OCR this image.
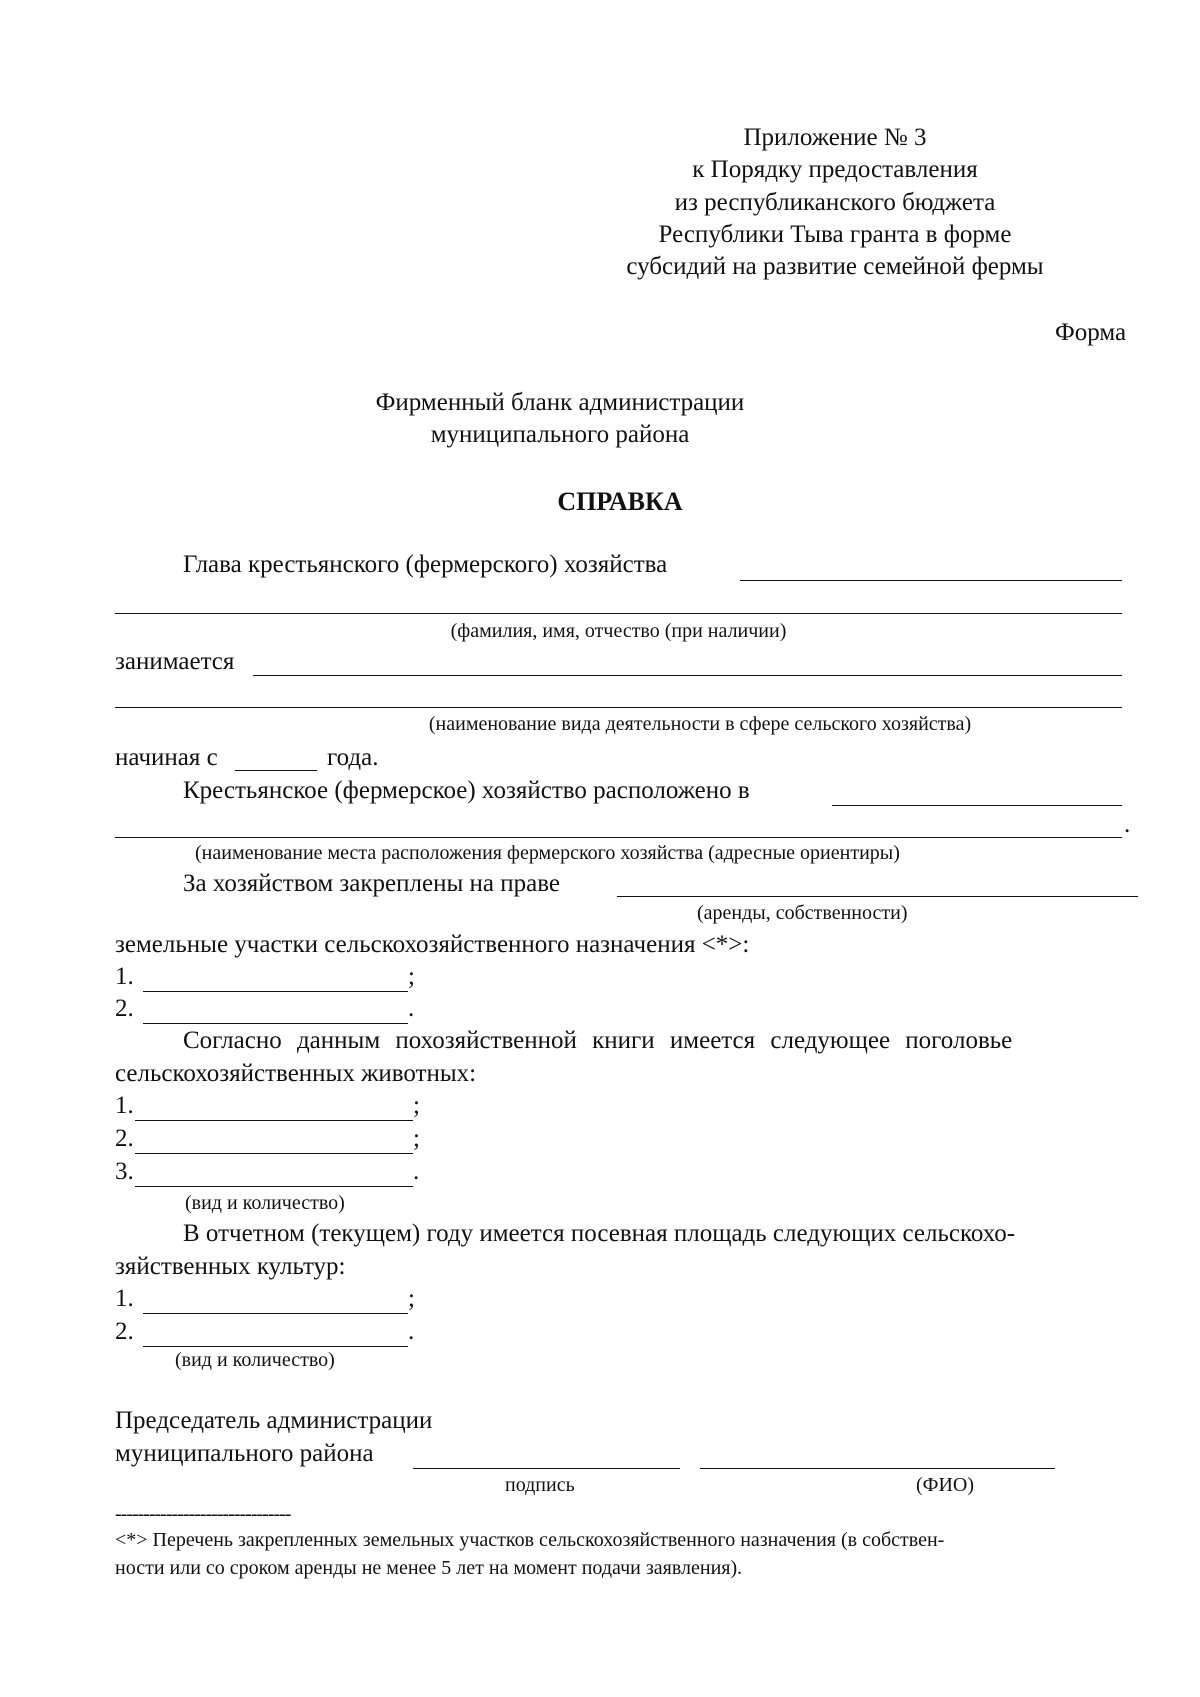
Приложение № 3
к Порядку предоставления
из республиканского бюджета
Республики Тыва гранта в форме
субсидий на развитие семейной фермы
Форма
Фирменный бланк администрации
муниципального района
СПРАВКА
Глава крестьянского (фермерского) хозяйства
(фамилия, имя, отчество (при наличии)
занимается
(наименование вида деятельности в сфере сельского хозяйства)
начиная с	года.
Крестьянское (фермерское) хозяйство расположено в
.
(наименование места расположения фермерского хозяйства (адресные ориентиры)
За хозяйством закреплены на праве
(аренды, собственности)
земельные участки сельскохозяйственного назначения <*>:
1.	;
2.	.
Согласно данным похозяйственной книги имеется следующее поголовье
сельскохозяйственных животных:
1.	;
2.	;
3.	.
(вид и количество)
В отчетном (текущем) году имеется посевная площадь следующих сельскохо-
зяйственных культур:
1.	;
2.	.
(вид и количество)
Председатель администрации
муниципального района
подпись	(ФИО)
-------------------------------
<*> Перечень закрепленных земельных участков сельскохозяйственного назначения (в собствен-
ности или со сроком аренды не менее 5 лет на момент подачи заявления).
